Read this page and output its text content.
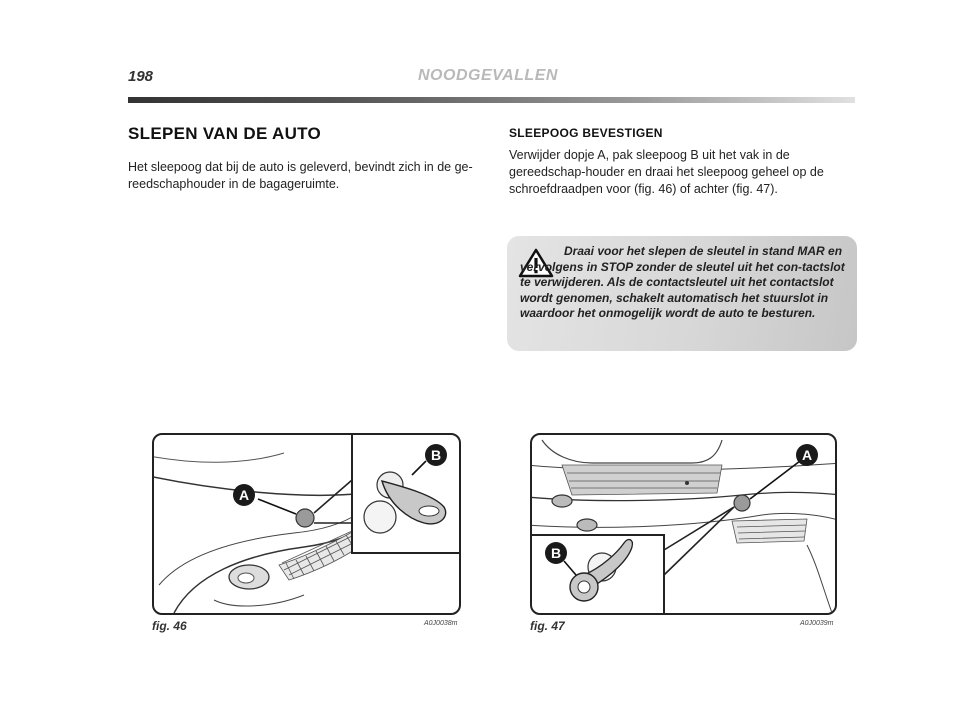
198	NOODGEVALLEN
SLEPEN VAN DE AUTO
Het sleepoog dat bij de auto is geleverd, bevindt zich in de ge-reedschaphouder in de bagageruimte.
SLEEPOOG BEVESTIGEN
Verwijder dopje A, pak sleepoog B uit het vak in de gereedschap-houder en draai het sleepoog geheel op de schroefdraadpen voor (fig. 46) of achter (fig. 47).
Draai voor het slepen de sleutel in stand MAR en vervolgens in STOP zonder de sleutel uit het con-tactslot te verwijderen. Als de contactsleutel uit het contactslot wordt genomen, schakelt automatisch het stuurslot in waardoor het onmogelijk wordt de auto te besturen.
A
B
fig. 46	A0J0038m
A
B
fig. 47	A0J0039m
